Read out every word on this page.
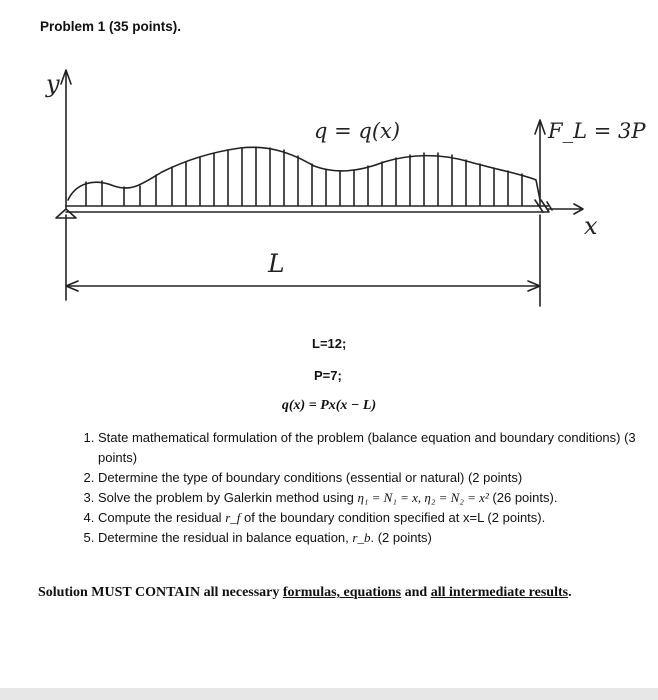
Problem 1 (35 points).
y
x
q = q(x)	F_L = 3P
L
L=12;
P=7;
q(x) = Px(x − L)
1. State mathematical formulation of the problem (balance equation and boundary conditions) (3 points)
2. Determine the type of boundary conditions (essential or natural) (2 points)
3. Solve the problem by Galerkin method using η₁ = N₁ = x, η₂ = N₂ = x² (26 points).
4. Compute the residual r_f of the boundary condition specified at x=L (2 points).
5. Determine the residual in balance equation, r_b. (2 points)
Solution MUST CONTAIN all necessary formulas, equations and all intermediate results.
